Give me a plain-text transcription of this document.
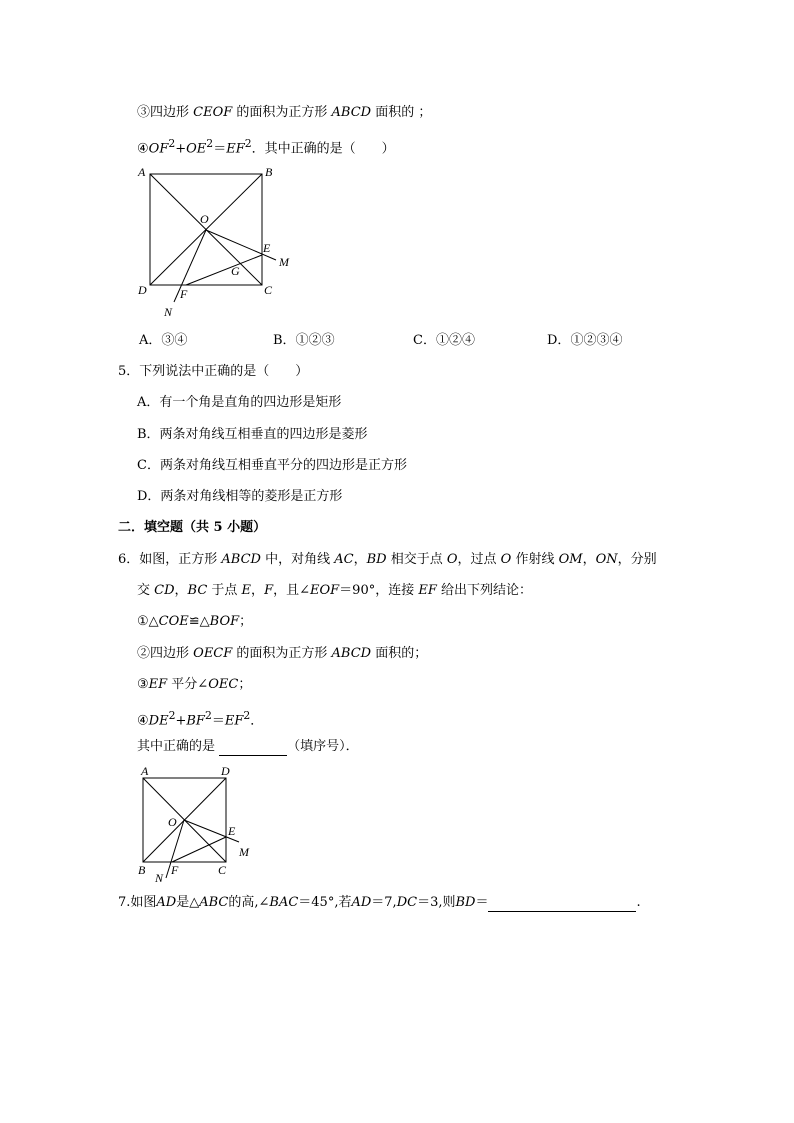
③四边形 CEOF 的面积为正方形 ABCD 面积的 ；
$④OF^2+OE^2=EF^2$．其中正确的是（　　）
A	B
C
D
O
E
M
G
F
N
A．③④	B．①②③	C．①②④	D．①②③④
5．下列说法中正确的是（　　）
A．有一个角是直角的四边形是矩形
B．两条对角线互相垂直的四边形是菱形
C．两条对角线互相垂直平分的四边形是正方形
D．两条对角线相等的菱形是正方形
二．填空题（共 5 小题）
6．如图，正方形 ABCD 中，对角线 AC，BD 相交于点 O，过点 O 作射线 OM，ON，分别
交 CD，BC 于点 E，F，且∠EOF＝90°，连接 EF 给出下列结论：
①△COE≌△BOF；
②四边形 OECF 的面积为正方形 ABCD 面积的；
③EF 平分∠OEC；
$④DE^2+BF^2=EF^2$．
其中正确的是	（填序号）．
A	D
O
E
M
B F	C
N
7.如图AD是△ABC的高,∠BAC＝45°,若AD＝7,DC＝3,则BD＝	.
